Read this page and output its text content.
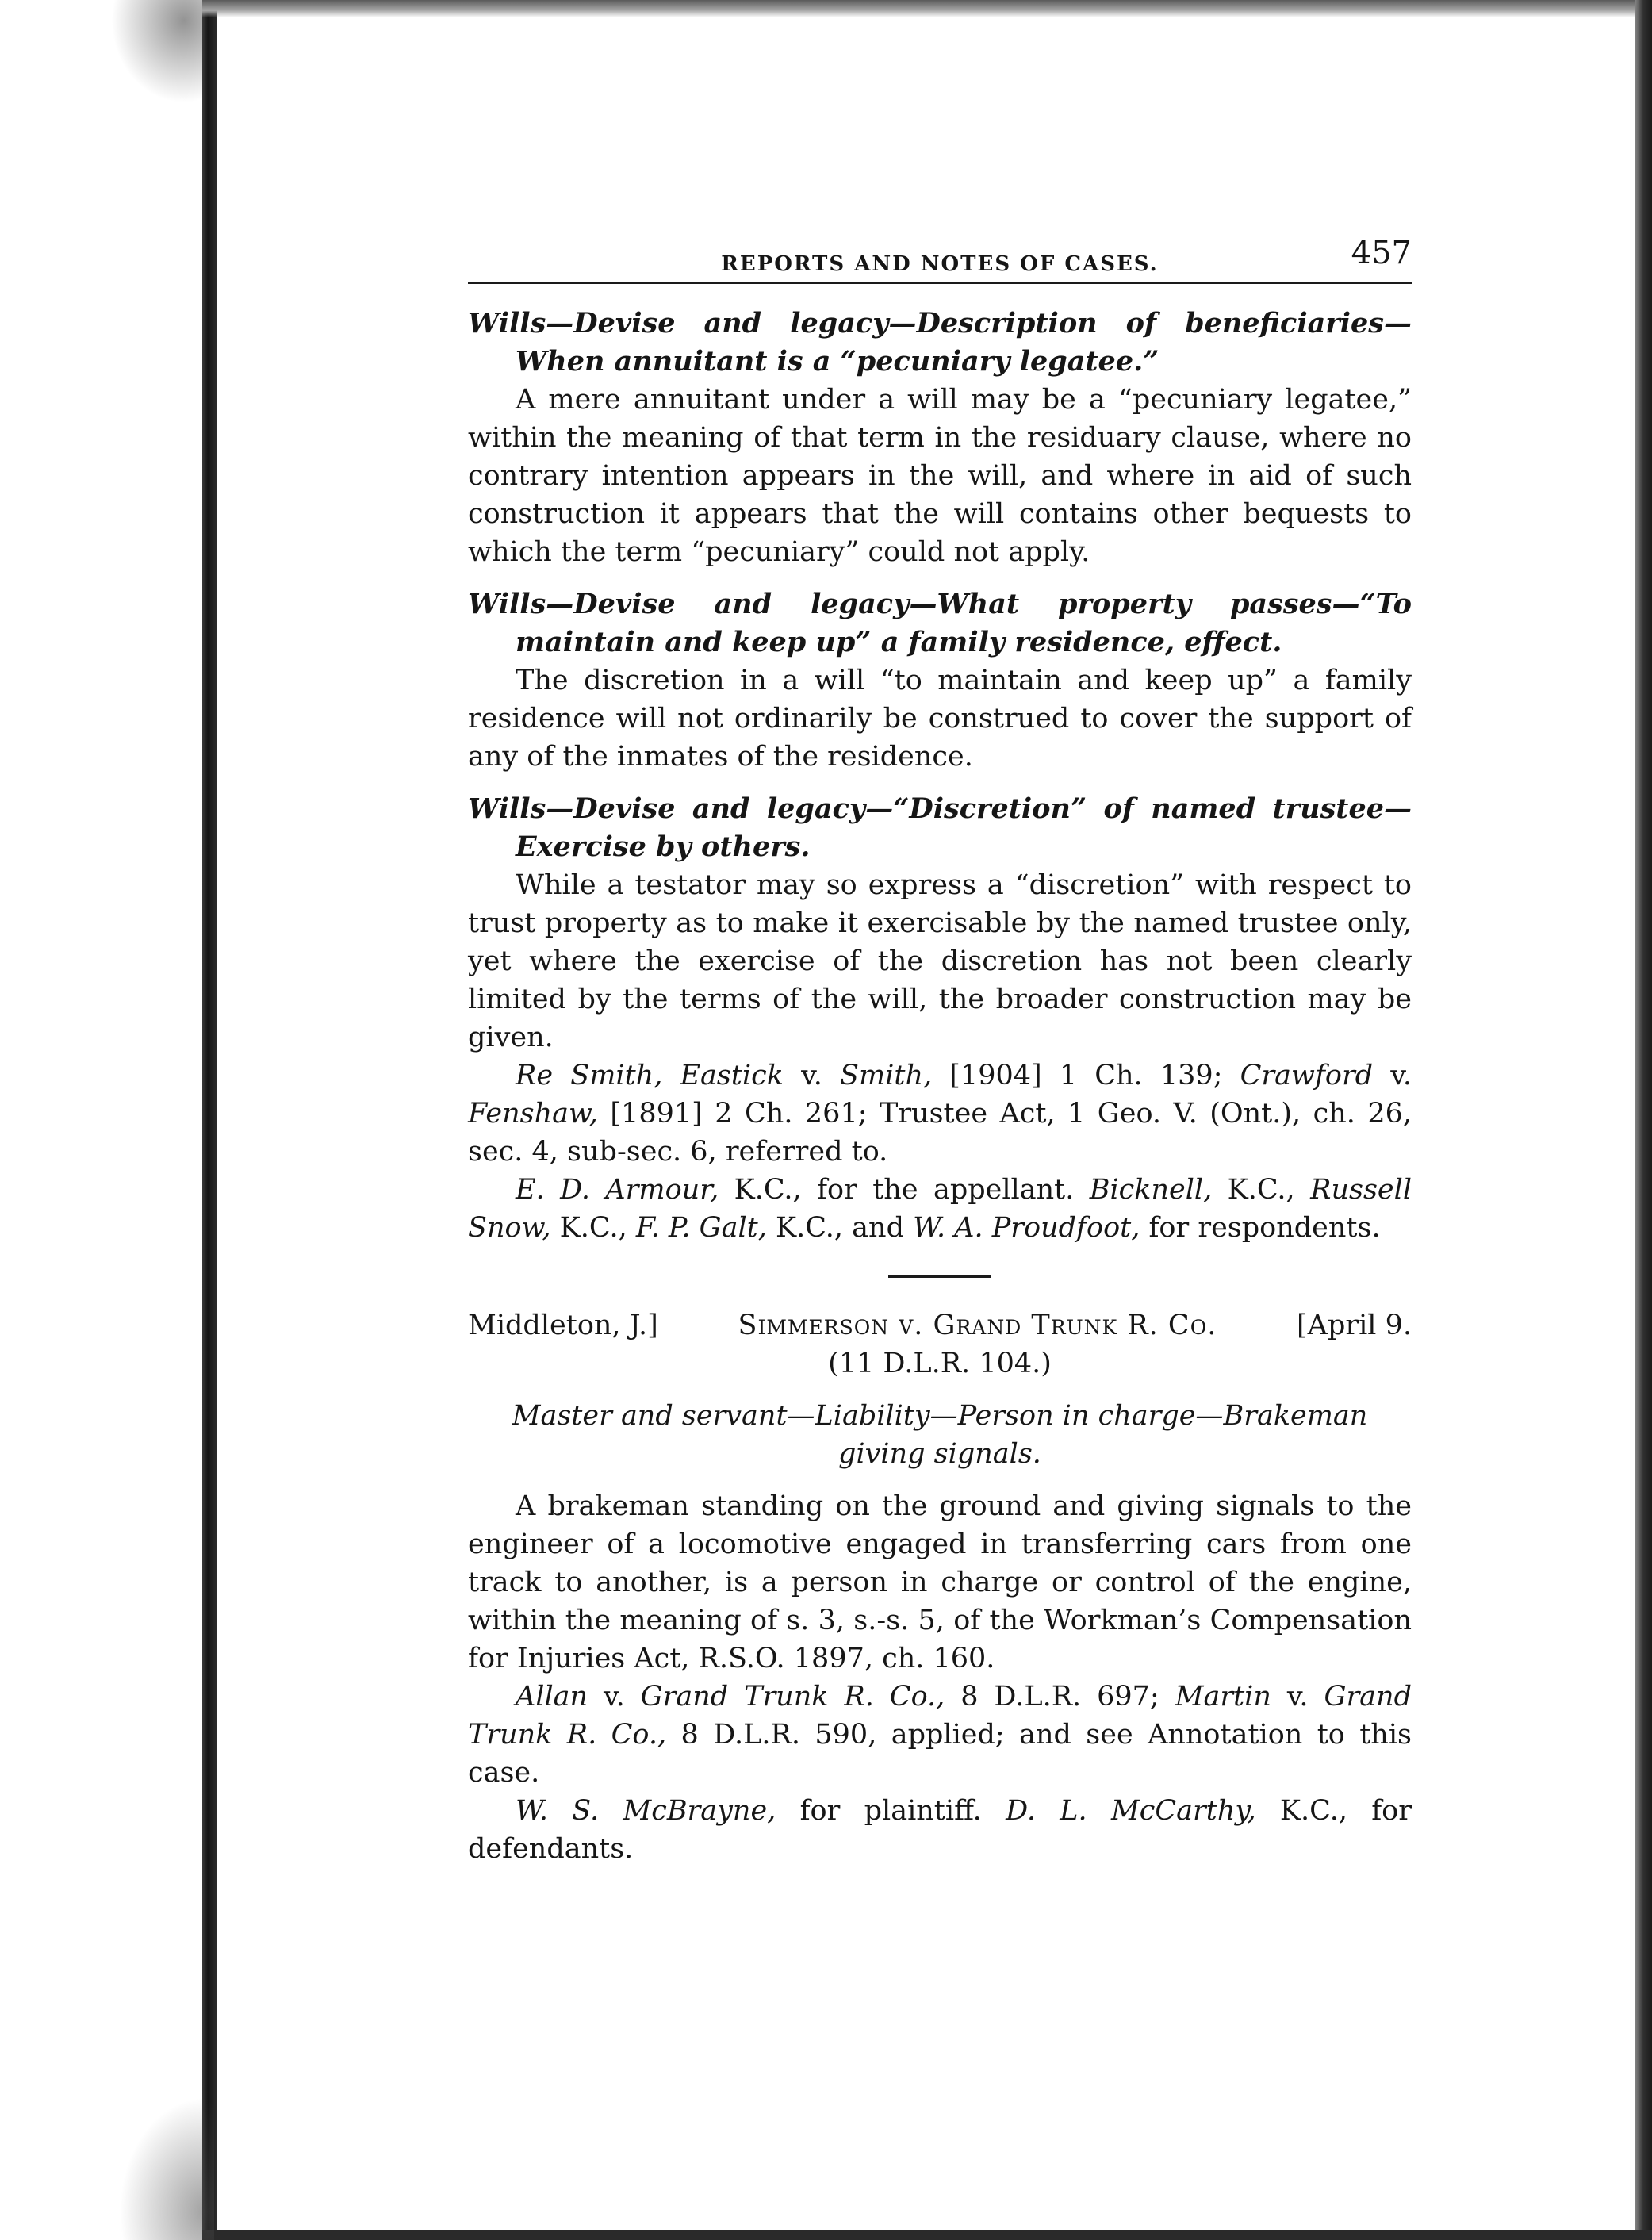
REPORTS AND NOTES OF CASES.	457

Wills—Devise and legacy—Description of beneficiaries—When annuitant is a “pecuniary legatee.”

A mere annuitant under a will may be a “pecuniary legatee,” within the meaning of that term in the residuary clause, where no contrary intention appears in the will, and where in aid of such construction it appears that the will contains other bequests to which the term “pecuniary” could not apply.

Wills—Devise and legacy—What property passes—“To maintain and keep up” a family residence, effect.

The discretion in a will “to maintain and keep up” a family residence will not ordinarily be construed to cover the support of any of the inmates of the residence.

Wills—Devise and legacy—“Discretion” of named trustee—Exercise by others.

While a testator may so express a “discretion” with respect to trust property as to make it exercisable by the named trustee only, yet where the exercise of the discretion has not been clearly limited by the terms of the will, the broader construction may be given.

Re Smith, Eastick v. Smith, [1904] 1 Ch. 139; Crawford v. Fenshaw, [1891] 2 Ch. 261; Trustee Act, 1 Geo. V. (Ont.), ch. 26, sec. 4, sub-sec. 6, referred to.

E. D. Armour, K.C., for the appellant. Bicknell, K.C., Russell Snow, K.C., F. P. Galt, K.C., and W. A. Proudfoot, for respondents.

Middleton, J.]	Simmerson v. Grand Trunk R. Co.	[April 9.

(11 D.L.R. 104.)

Master and servant—Liability—Person in charge—Brakeman giving signals.

A brakeman standing on the ground and giving signals to the engineer of a locomotive engaged in transferring cars from one track to another, is a person in charge or control of the engine, within the meaning of s. 3, s.-s. 5, of the Workman’s Compensation for Injuries Act, R.S.O. 1897, ch. 160.

Allan v. Grand Trunk R. Co., 8 D.L.R. 697; Martin v. Grand Trunk R. Co., 8 D.L.R. 590, applied; and see Annotation to this case.

W. S. McBrayne, for plaintiff. D. L. McCarthy, K.C., for defendants.
